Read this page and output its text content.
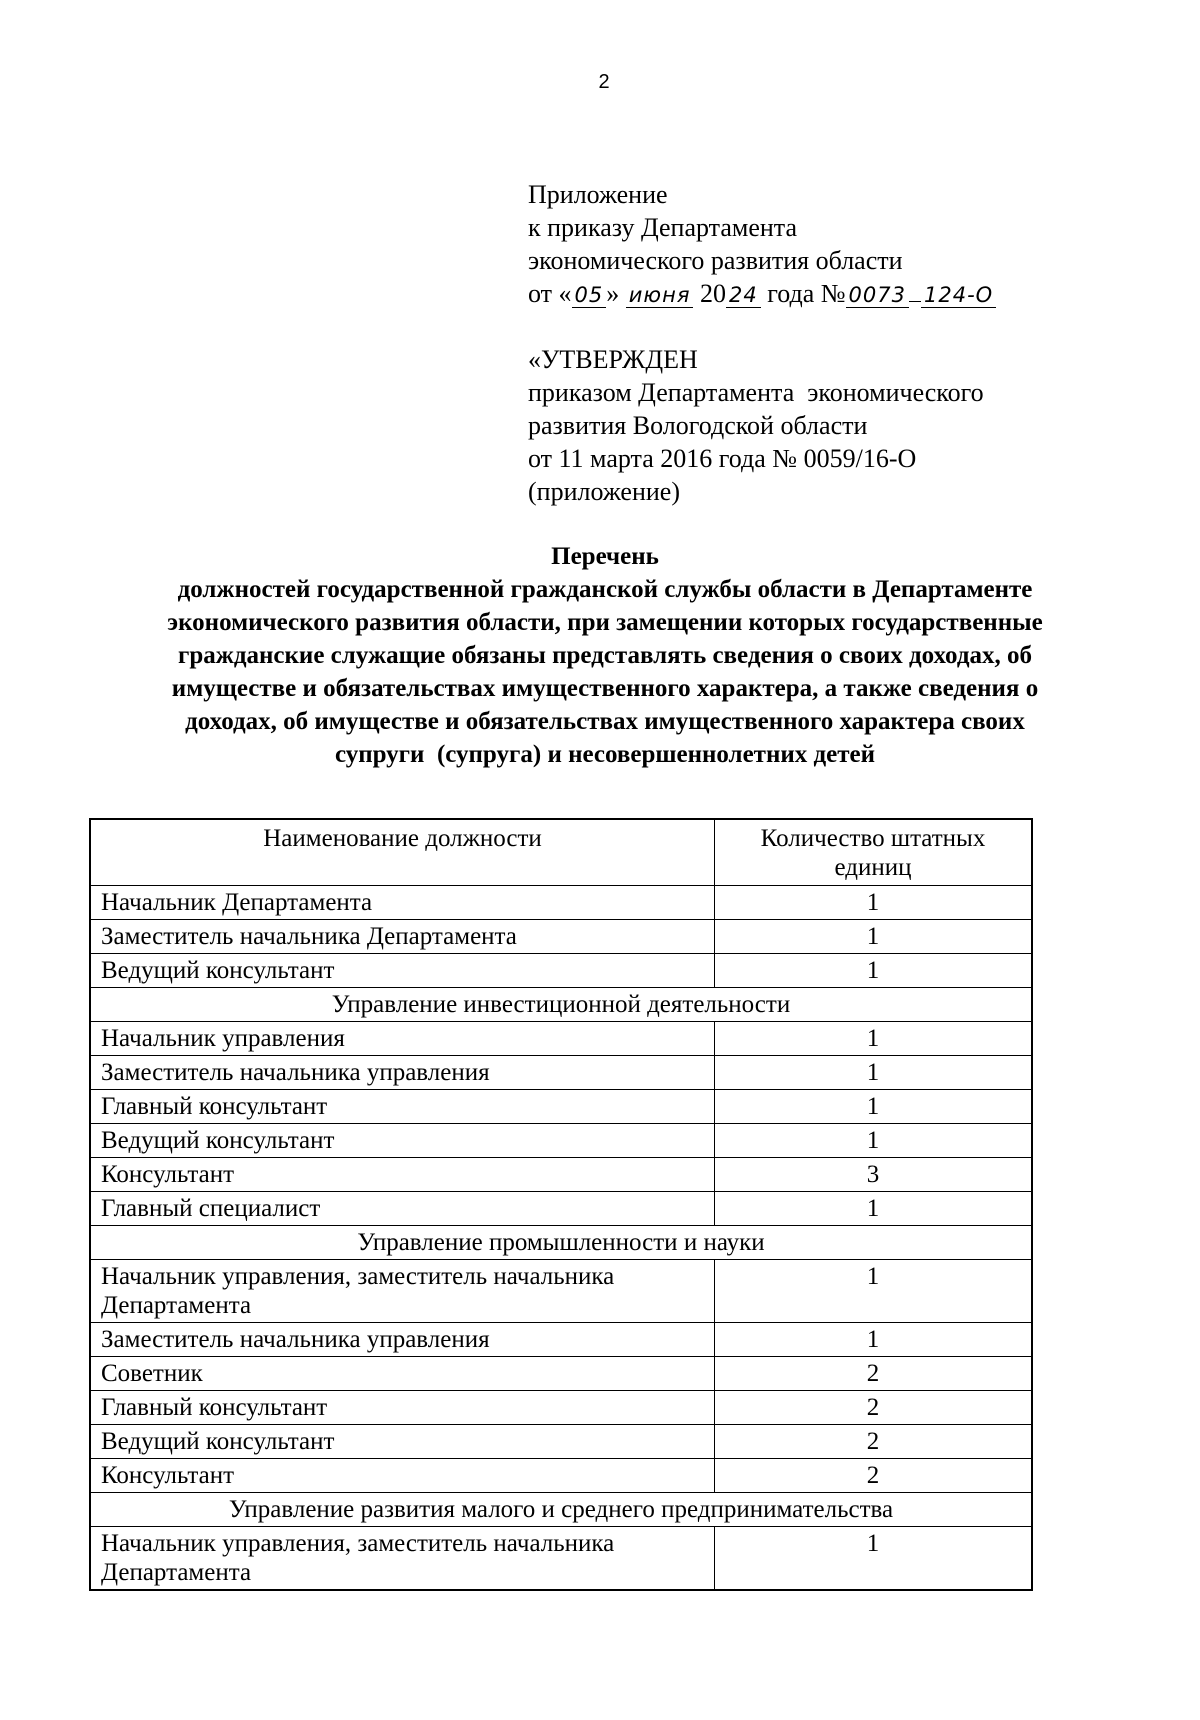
2
Приложение
к приказу Департамента
экономического развития области
от « 05 » июня 20 24 года № 0073 124-О
«УТВЕРЖДЕН
приказом Департамента  экономического
развития Вологодской области
от 11 марта 2016 года № 0059/16-О
(приложение)
Перечень
должностей государственной гражданской службы области в Департаменте
экономического развития области, при замещении которых государственные
гражданские служащие обязаны представлять сведения о своих доходах, об
имуществе и обязательствах имущественного характера, а также сведения о
доходах, об имуществе и обязательствах имущественного характера своих
супруги  (супруга) и несовершеннолетних детей
Наименование должности	Количество штатных единиц
Начальник Департамента	1
Заместитель начальника Департамента	1
Ведущий консультант	1
Управление инвестиционной деятельности	
Начальник управления	1
Заместитель начальника управления	1
Главный консультант	1
Ведущий консультант	1
Консультант	3
Главный специалист	1
Управление промышленности и науки	
Начальник управления, заместитель начальника Департамента	1
Заместитель начальника управления	1
Советник	2
Главный консультант	2
Ведущий консультант	2
Консультант	2
Управление развития малого и среднего предпринимательства	
Начальник управления, заместитель начальника Департамента	1
